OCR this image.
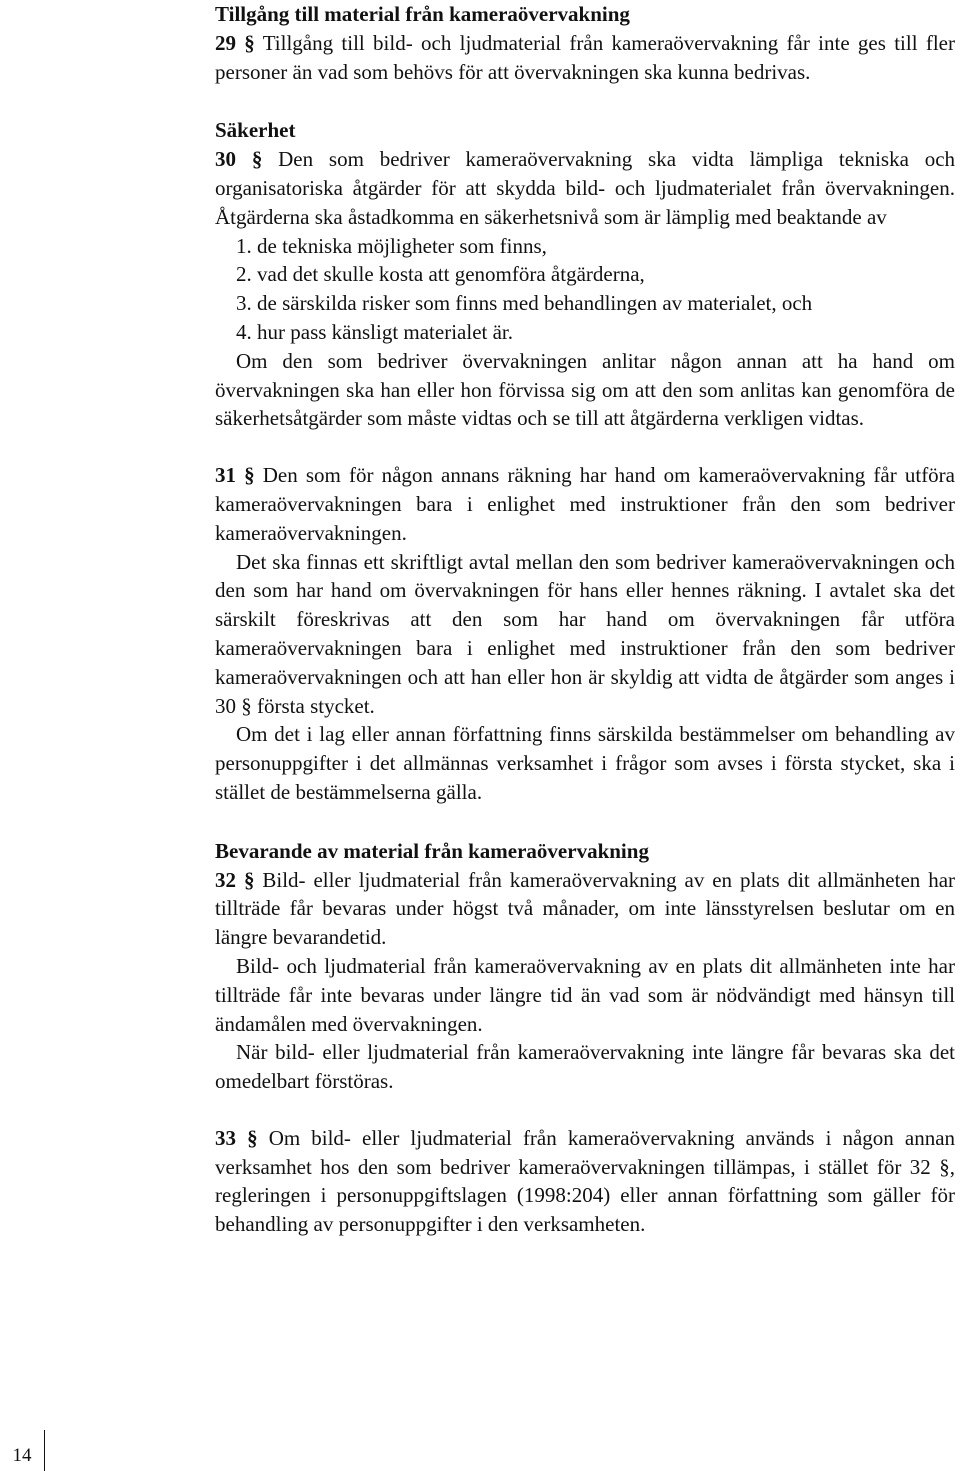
Tillgång till material från kameraövervakning

29 § Tillgång till bild- och ljudmaterial från kameraövervakning får inte ges till fler personer än vad som behövs för att övervakningen ska kunna bedrivas.

Säkerhet

30 § Den som bedriver kameraövervakning ska vidta lämpliga tekniska och organisatoriska åtgärder för att skydda bild- och ljudmaterialet från övervakningen. Åtgärderna ska åstadkomma en säkerhetsnivå som är lämplig med beaktande av

1. de tekniska möjligheter som finns,
2. vad det skulle kosta att genomföra åtgärderna,
3. de särskilda risker som finns med behandlingen av materialet, och
4. hur pass känsligt materialet är.

Om den som bedriver övervakningen anlitar någon annan att ha hand om övervakningen ska han eller hon förvissa sig om att den som anlitas kan genomföra de säkerhetsåtgärder som måste vidtas och se till att åtgärderna verkligen vidtas.

31 § Den som för någon annans räkning har hand om kameraövervakning får utföra kameraövervakningen bara i enlighet med instruktioner från den som bedriver kameraövervakningen.

Det ska finnas ett skriftligt avtal mellan den som bedriver kameraövervakningen och den som har hand om övervakningen för hans eller hennes räkning. I avtalet ska det särskilt föreskrivas att den som har hand om övervakningen får utföra kameraövervakningen bara i enlighet med instruktioner från den som bedriver kameraövervakningen och att han eller hon är skyldig att vidta de åtgärder som anges i 30 § första stycket.

Om det i lag eller annan författning finns särskilda bestämmelser om behandling av personuppgifter i det allmännas verksamhet i frågor som avses i första stycket, ska i stället de bestämmelserna gälla.

Bevarande av material från kameraövervakning

32 § Bild- eller ljudmaterial från kameraövervakning av en plats dit allmänheten har tillträde får bevaras under högst två månader, om inte länsstyrelsen beslutar om en längre bevarandetid.

Bild- och ljudmaterial från kameraövervakning av en plats dit allmänheten inte har tillträde får inte bevaras under längre tid än vad som är nödvändigt med hänsyn till ändamålen med övervakningen.

När bild- eller ljudmaterial från kameraövervakning inte längre får bevaras ska det omedelbart förstöras.

33 § Om bild- eller ljudmaterial från kameraövervakning används i någon annan verksamhet hos den som bedriver kameraövervakningen tillämpas, i stället för 32 §, regleringen i personuppgiftslagen (1998:204) eller annan författning som gäller för behandling av personuppgifter i den verksamheten.

14
